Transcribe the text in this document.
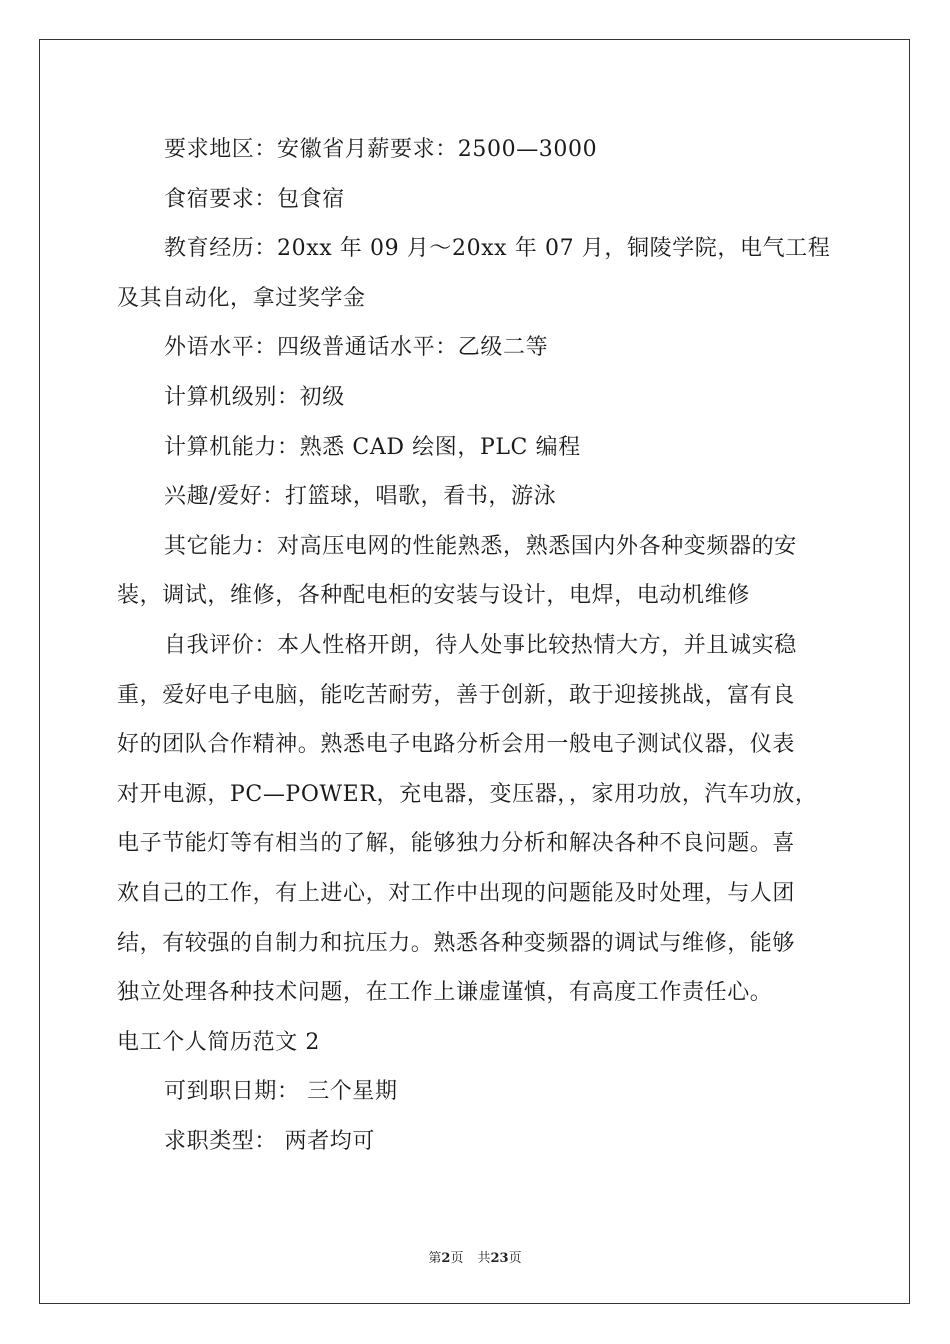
要求地区：安徽省月薪要求：2500—3000

食宿要求：包食宿

教育经历：20xx 年 09 月～20xx 年 07 月，铜陵学院，电气工程

及其自动化，拿过奖学金

外语水平：四级普通话水平：乙级二等

计算机级别：初级

计算机能力：熟悉 CAD 绘图，PLC 编程

兴趣/爱好：打篮球，唱歌，看书，游泳

其它能力：对高压电网的性能熟悉，熟悉国内外各种变频器的安

装，调试，维修，各种配电柜的安装与设计，电焊，电动机维修

自我评价：本人性格开朗，待人处事比较热情大方，并且诚实稳

重，爱好电子电脑，能吃苦耐劳，善于创新，敢于迎接挑战，富有良

好的团队合作精神。熟悉电子电路分析会用一般电子测试仪器，仪表

对开电源，PC—POWER，充电器，变压器，，家用功放，汽车功放，

电子节能灯等有相当的了解，能够独力分析和解决各种不良问题。喜

欢自己的工作，有上进心，对工作中出现的问题能及时处理，与人团

结，有较强的自制力和抗压力。熟悉各种变频器的调试与维修，能够

独立处理各种技术问题，在工作上谦虚谨慎，有高度工作责任心。

电工个人简历范文 2

可到职日期： 三个星期

求职类型： 两者均可

第2页 共23页
